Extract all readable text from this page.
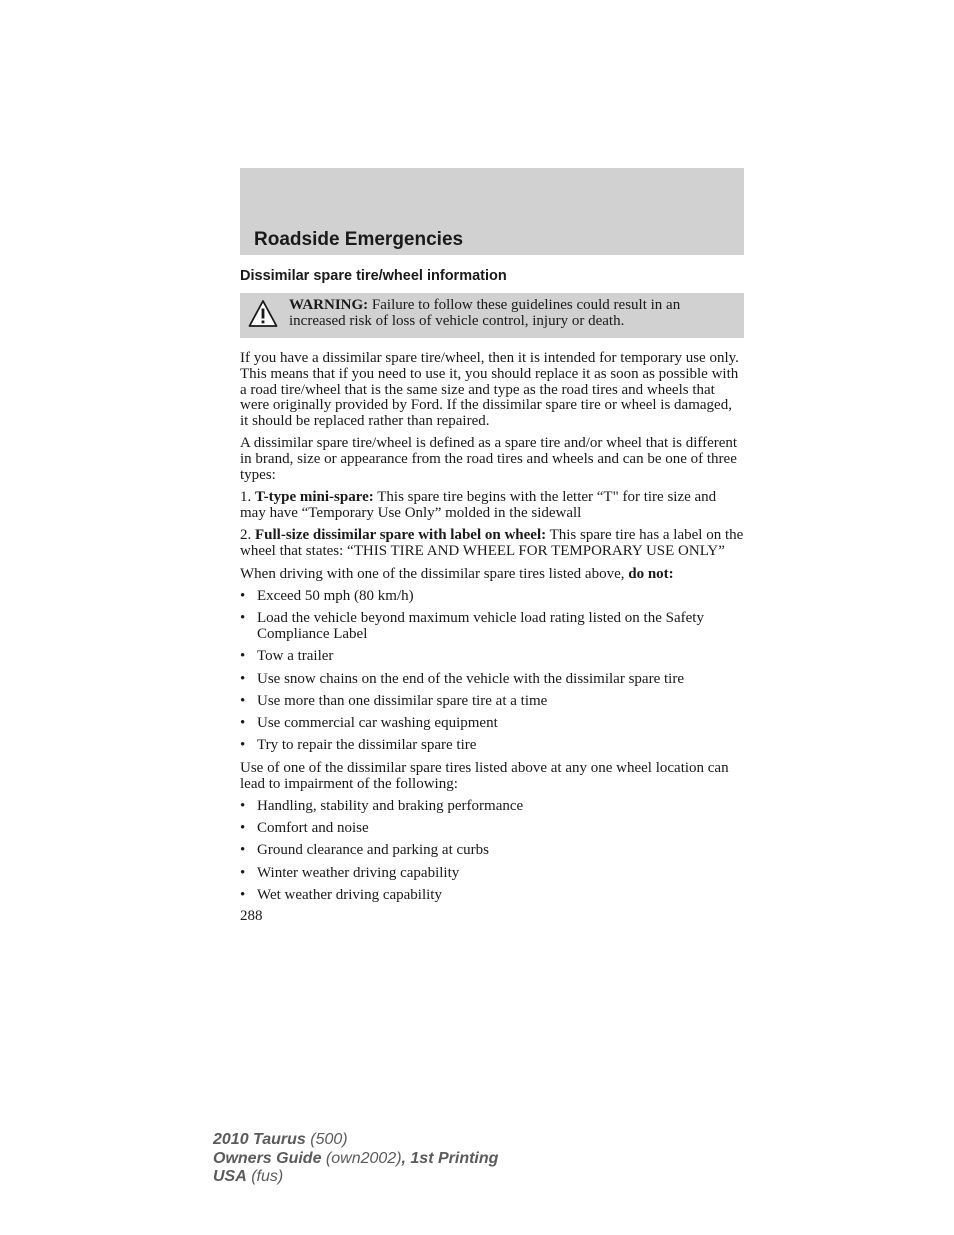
Roadside Emergencies
Dissimilar spare tire/wheel information
WARNING: Failure to follow these guidelines could result in an increased risk of loss of vehicle control, injury or death.

If you have a dissimilar spare tire/wheel, then it is intended for temporary use only. This means that if you need to use it, you should replace it as soon as possible with a road tire/wheel that is the same size and type as the road tires and wheels that were originally provided by Ford. If the dissimilar spare tire or wheel is damaged, it should be replaced rather than repaired.

A dissimilar spare tire/wheel is defined as a spare tire and/or wheel that is different in brand, size or appearance from the road tires and wheels and can be one of three types:

1. T-type mini-spare: This spare tire begins with the letter “T" for tire size and may have “Temporary Use Only” molded in the sidewall

2. Full-size dissimilar spare with label on wheel: This spare tire has a label on the wheel that states: “THIS TIRE AND WHEEL FOR TEMPORARY USE ONLY”

When driving with one of the dissimilar spare tires listed above, do not:

• Exceed 50 mph (80 km/h)
• Load the vehicle beyond maximum vehicle load rating listed on the Safety Compliance Label
• Tow a trailer
• Use snow chains on the end of the vehicle with the dissimilar spare tire
• Use more than one dissimilar spare tire at a time
• Use commercial car washing equipment
• Try to repair the dissimilar spare tire

Use of one of the dissimilar spare tires listed above at any one wheel location can lead to impairment of the following:

• Handling, stability and braking performance
• Comfort and noise
• Ground clearance and parking at curbs
• Winter weather driving capability
• Wet weather driving capability
288
2010 Taurus (500)
Owners Guide (own2002), 1st Printing
USA (fus)
